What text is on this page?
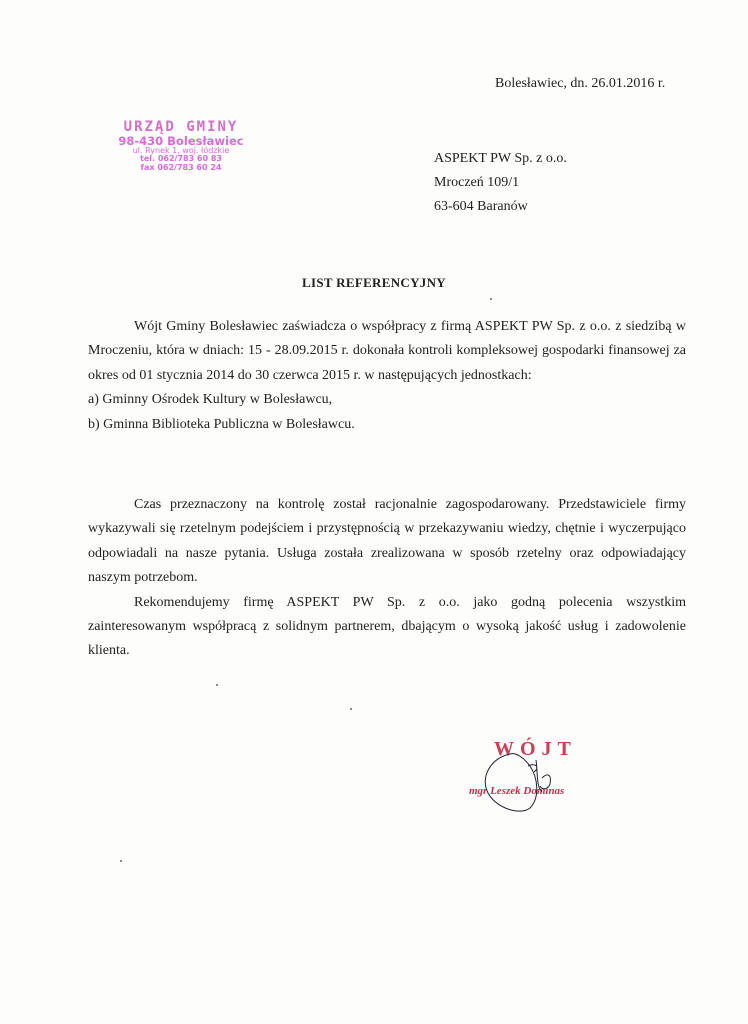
Bolesławiec, dn. 26.01.2016 r.
URZĄD GMINY
98-430 Bolesławiec
ul. Rynek 1, woj. łódzkie
tel. 062/783 60 83
fax 062/783 60 24
ASPEKT PW Sp. z o.o.
Mroczeń 109/1
63-604 Baranów
LIST REFERENCYJNY

Wójt Gminy Bolesławiec zaświadcza o współpracy z firmą ASPEKT PW Sp. z o.o. z siedzibą w Mroczeniu, która w dniach: 15 - 28.09.2015 r. dokonała kontroli kompleksowej gospodarki finansowej za okres od 01 stycznia 2014 do 30 czerwca 2015 r. w następujących jednostkach:

a) Gminny Ośrodek Kultury w Bolesławcu,

b) Gminna Biblioteka Publiczna w Bolesławcu.

Czas przeznaczony na kontrolę został racjonalnie zagospodarowany. Przedstawiciele firmy wykazywali się rzetelnym podejściem i przystępnością w przekazywaniu wiedzy, chętnie i wyczerpująco odpowiadali na nasze pytania. Usługa została zrealizowana w sposób rzetelny oraz odpowiadający naszym potrzebom.

Rekomendujemy firmę ASPEKT PW Sp. z o.o. jako godną polecenia wszystkim zainteresowanym współpracą z solidnym partnerem, dbającym o wysoką jakość usług i zadowolenie klienta.

WÓJT
mgr Leszek Dominas
